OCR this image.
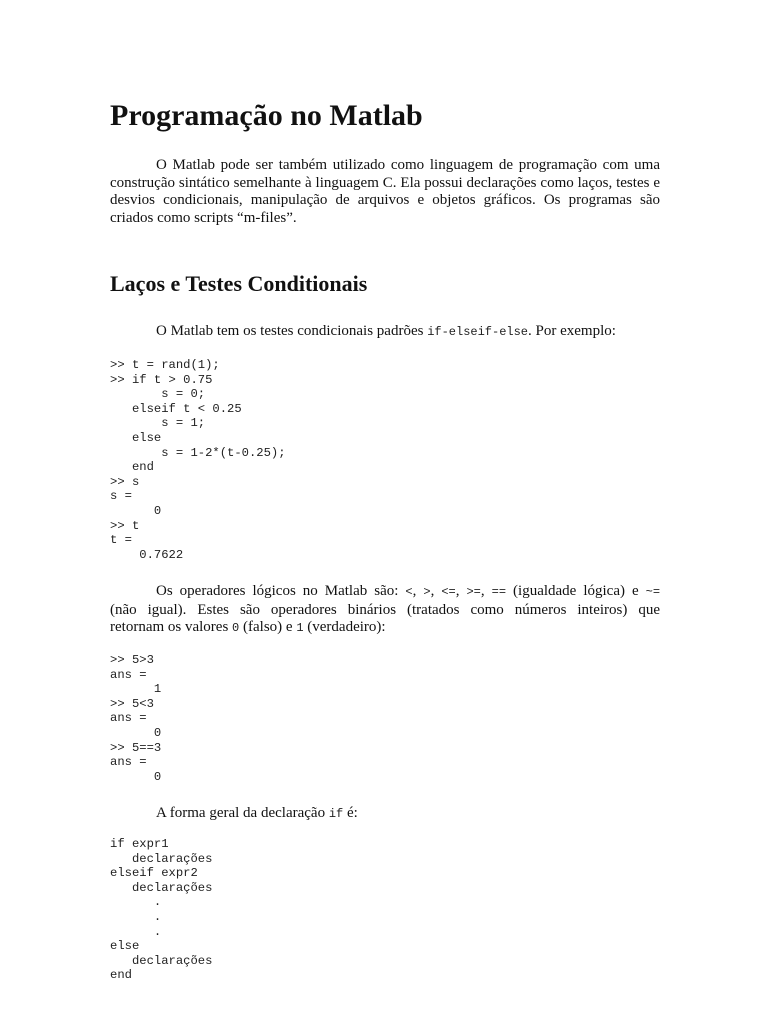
Programação no Matlab

O Matlab pode ser também utilizado como linguagem de programação com uma construção sintático semelhante à linguagem C. Ela possui declarações como laços, testes e desvios condicionais, manipulação de arquivos e objetos gráficos. Os programas são criados como scripts “m-files”.

Laços e Testes Conditionais

O Matlab tem os testes condicionais padrões if-elseif-else. Por exemplo:

>> t = rand(1);
>> if t > 0.75
s = 0;
elseif t < 0.25
s = 1;
else
s = 1-2*(t-0.25);
end
>> s
s =
0
>> t
t =
0.7622

Os operadores lógicos no Matlab são: <, >, <=, >=, == (igualdade lógica) e ~=
(não igual). Estes são operadores binários (tratados como números inteiros) que
retornam os valores 0 (falso) e 1 (verdadeiro):

>> 5>3
ans =
1
>> 5<3
ans =
0
>> 5==3
ans =
0

A forma geral da declaração if é:

if expr1
declarações
elseif expr2
declarações
.
.
.
else
declarações
end
